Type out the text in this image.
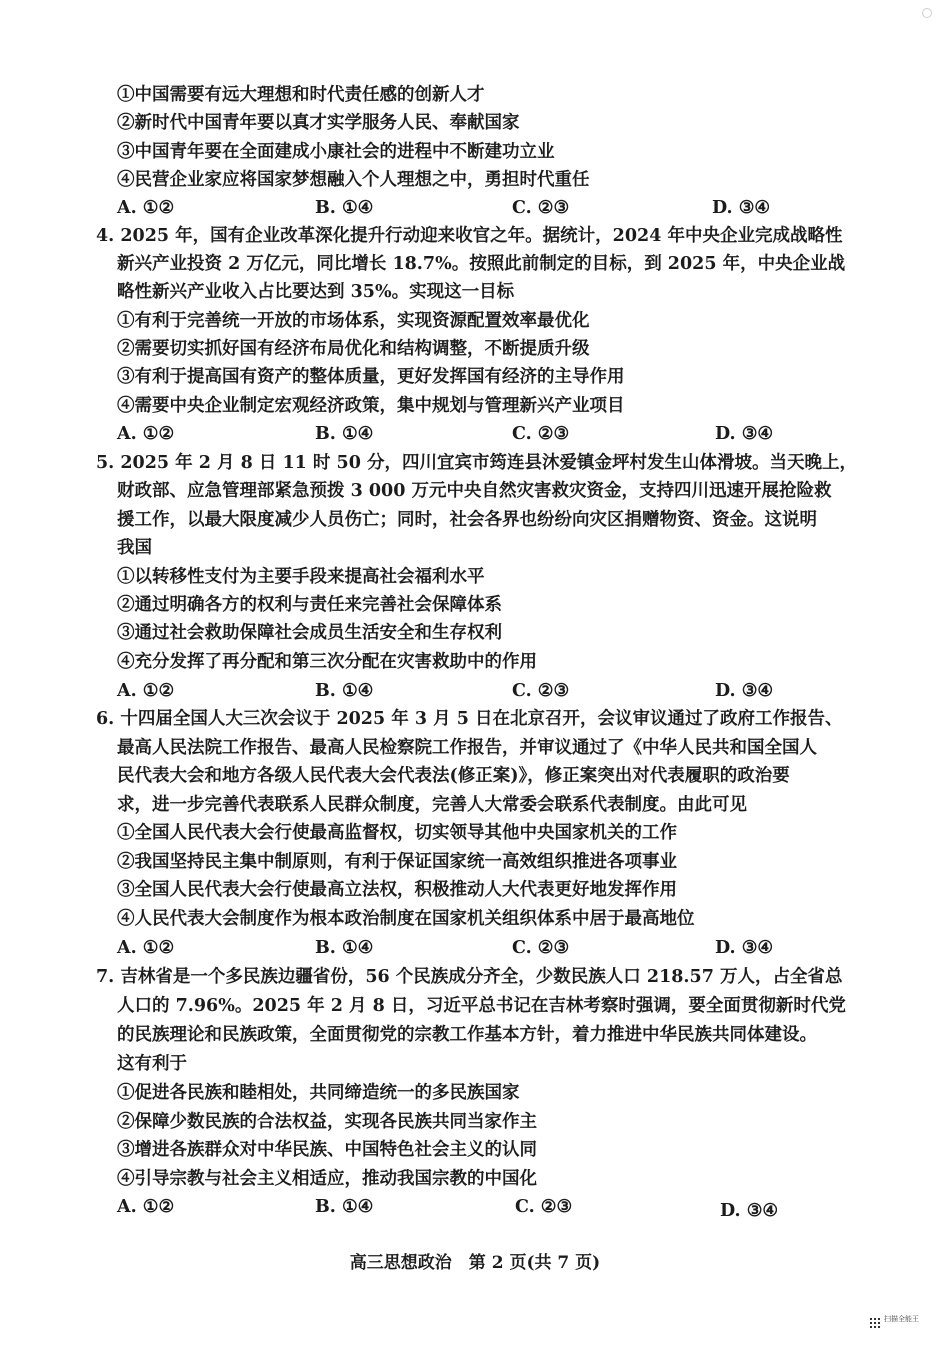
①中国需要有远大理想和时代责任感的创新人才
②新时代中国青年要以真才实学服务人民、奉献国家
③中国青年要在全面建成小康社会的进程中不断建功立业
④民营企业家应将国家梦想融入个人理想之中，勇担时代重任
A. ①②	B. ①④	C. ②③	D. ③④
4. 2025 年，国有企业改革深化提升行动迎来收官之年。据统计，2024 年中央企业完成战略性
新兴产业投资 2 万亿元，同比增长 18.7%。按照此前制定的目标，到 2025 年，中央企业战
略性新兴产业收入占比要达到 35%。实现这一目标
①有利于完善统一开放的市场体系，实现资源配置效率最优化
②需要切实抓好国有经济布局优化和结构调整，不断提质升级
③有利于提高国有资产的整体质量，更好发挥国有经济的主导作用
④需要中央企业制定宏观经济政策，集中规划与管理新兴产业项目
A. ①②	B. ①④	C. ②③	D. ③④
5. 2025 年 2 月 8 日 11 时 50 分，四川宜宾市筠连县沐爱镇金坪村发生山体滑坡。当天晚上，
财政部、应急管理部紧急预拨 3 000 万元中央自然灾害救灾资金，支持四川迅速开展抢险救
援工作，以最大限度减少人员伤亡；同时，社会各界也纷纷向灾区捐赠物资、资金。这说明
我国
①以转移性支付为主要手段来提高社会福利水平
②通过明确各方的权利与责任来完善社会保障体系
③通过社会救助保障社会成员生活安全和生存权利
④充分发挥了再分配和第三次分配在灾害救助中的作用
A. ①②	B. ①④	C. ②③	D. ③④
6. 十四届全国人大三次会议于 2025 年 3 月 5 日在北京召开，会议审议通过了政府工作报告、
最高人民法院工作报告、最高人民检察院工作报告，并审议通过了《中华人民共和国全国人
民代表大会和地方各级人民代表大会代表法(修正案)》，修正案突出对代表履职的政治要
求，进一步完善代表联系人民群众制度，完善人大常委会联系代表制度。由此可见
①全国人民代表大会行使最高监督权，切实领导其他中央国家机关的工作
②我国坚持民主集中制原则，有利于保证国家统一高效组织推进各项事业
③全国人民代表大会行使最高立法权，积极推动人大代表更好地发挥作用
④人民代表大会制度作为根本政治制度在国家机关组织体系中居于最高地位
A. ①②	B. ①④	C. ②③	D. ③④
7. 吉林省是一个多民族边疆省份，56 个民族成分齐全，少数民族人口 218.57 万人，占全省总
人口的 7.96%。2025 年 2 月 8 日，习近平总书记在吉林考察时强调，要全面贯彻新时代党
的民族理论和民族政策，全面贯彻党的宗教工作基本方针，着力推进中华民族共同体建设。
这有利于
①促进各民族和睦相处，共同缔造统一的多民族国家
②保障少数民族的合法权益，实现各民族共同当家作主
③增进各族群众对中华民族、中国特色社会主义的认同
④引导宗教与社会主义相适应，推动我国宗教的中国化
A. ①②	B. ①④	C. ②③	D. ③④
高三思想政治　第 2 页(共 7 页)
扫描全能王
